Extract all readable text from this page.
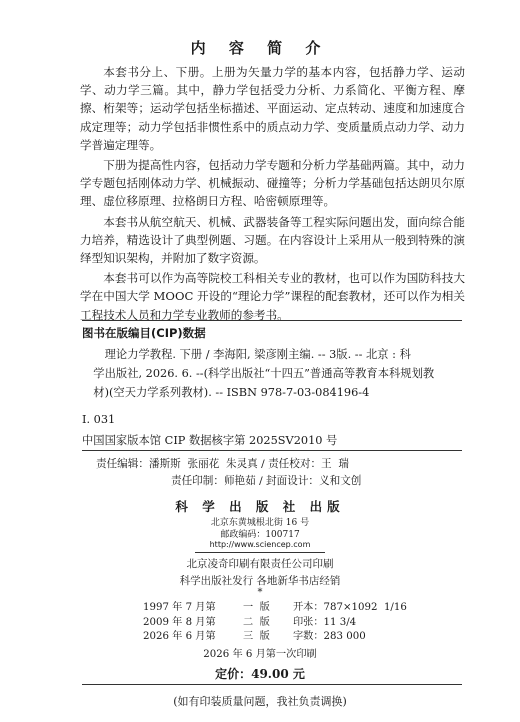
内 容 简 介

本套书分上、下册。上册为矢量力学的基本内容，包括静力学、运动学、动力学三篇。其中，静力学包括受力分析、力系简化、平衡方程、摩擦、桁架等；运动学包括坐标描述、平面运动、定点转动、速度和加速度合成定理等；动力学包括非惯性系中的质点动力学、变质量质点动力学、动力学普遍定理等。

下册为提高性内容，包括动力学专题和分析力学基础两篇。其中，动力学专题包括刚体动力学、机械振动、碰撞等；分析力学基础包括达朗贝尔原理、虚位移原理、拉格朗日方程、哈密顿原理等。

本套书从航空航天、机械、武器装备等工程实际问题出发，面向综合能力培养，精选设计了典型例题、习题。在内容设计上采用从一般到特殊的演绎型知识架构，并附加了数字资源。

本套书可以作为高等院校工科相关专业的教材，也可以作为国防科技大学在中国大学 MOOC 开设的“理论力学”课程的配套教材，还可以作为相关工程技术人员和力学专业教师的参考书。

图书在版编目(CIP)数据
理论力学教程. 下册 / 李海阳, 梁彦刚主编. -- 3版. -- 北京 : 科
学出版社, 2026. 6. --(科学出版社“十四五”普通高等教育本科规划教
材)(空天力学系列教材). -- ISBN 978-7-03-084196-4
Ⅰ. 031
中国国家版本馆 CIP 数据核字第 2025SV2010 号
责任编辑：潘斯斯  张丽花  朱灵真 / 责任校对：王  瑞
责任印制：师艳茹 / 封面设计：义和文创
科 学 出 版 社 出版
北京东黄城根北街 16 号
邮政编码：100717
http://www.sciencep.com
北京凌奇印刷有限责任公司印刷
科学出版社发行 各地新华书店经销
*
1997 年 7 月第	一  版	开本：787×1092  1/16
2009 年 8 月第	二  版	印张：11 3/4
2026 年 6 月第	三  版	字数：283 000
2026 年 6 月第一次印刷
定价：49.00 元
(如有印装质量问题，我社负责调换)
